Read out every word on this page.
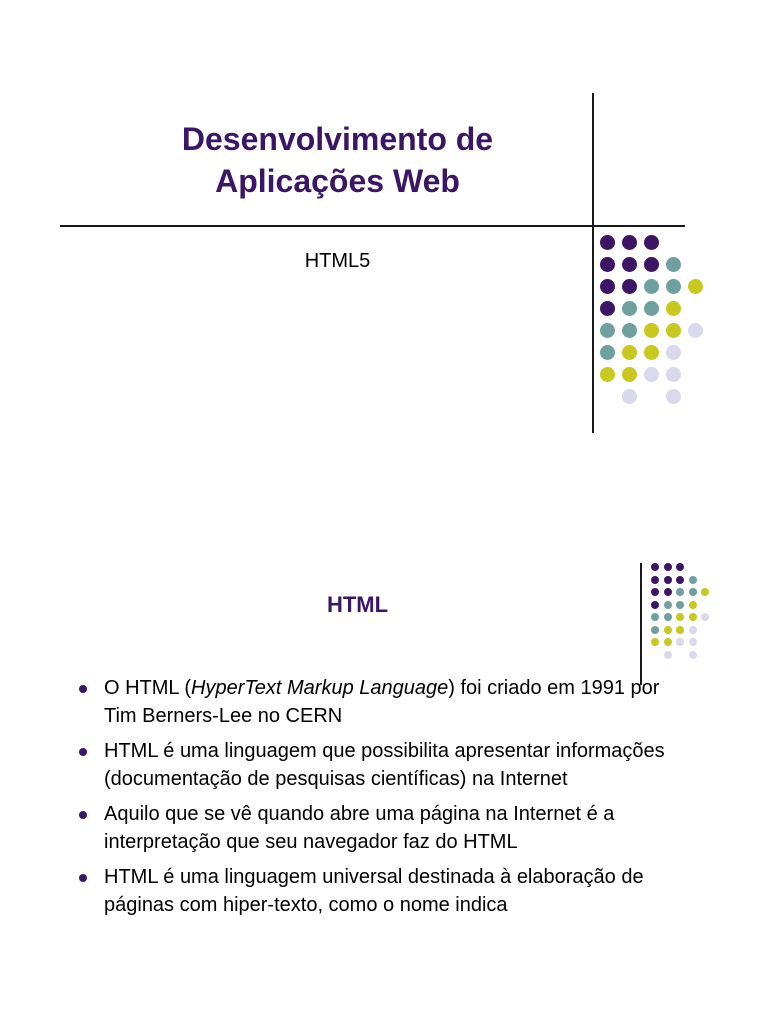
Desenvolvimento de
Aplicações Web

HTML5

HTML
O HTML (HyperText Markup Language) foi criado em 1991 por Tim Berners-Lee no CERN
HTML é uma linguagem que possibilita apresentar informações (documentação de pesquisas científicas) na Internet
Aquilo que se vê quando abre uma página na Internet é a interpretação que seu navegador faz do HTML
HTML é uma linguagem universal destinada à elaboração de páginas com hiper-texto, como o nome indica
